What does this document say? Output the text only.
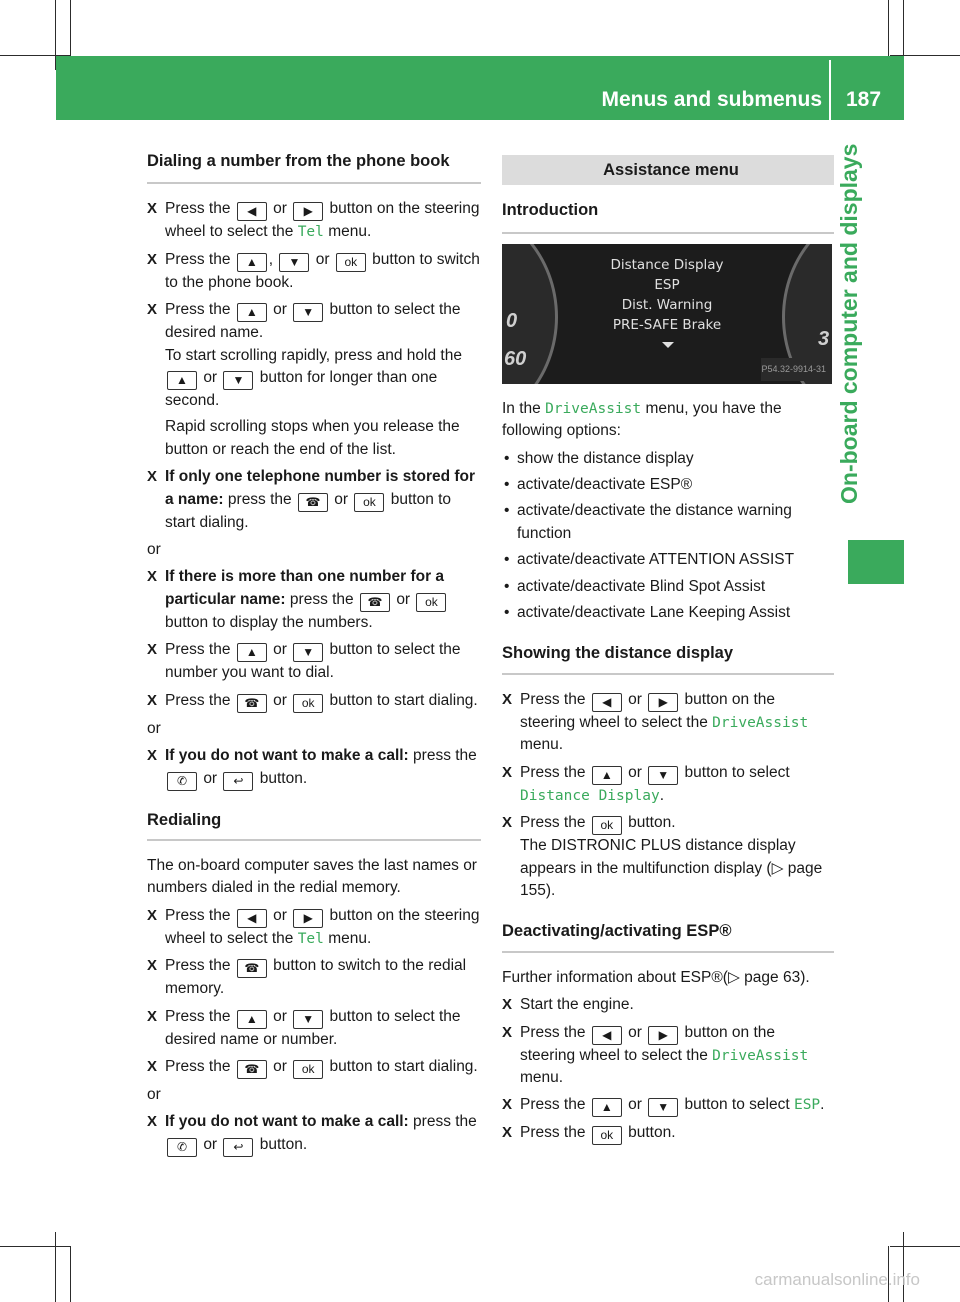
Menus and submenus 187
On-board computer and displays
Dialing a number from the phone book
X Press the ◀ or ▶ button on the steering wheel to select the Tel menu.
X Press the ▲ , ▼ or ok button to switch to the phone book.
X Press the ▲ or ▼ button to select the desired name.
To start scrolling rapidly, press and hold the ▲ or ▼ button for longer than one second.
Rapid scrolling stops when you release the button or reach the end of the list.
X If only one telephone number is stored for a name: press the ☎ or ok button to start dialing.
or
X If there is more than one number for a particular name: press the ☎ or ok button to display the numbers.
X Press the ▲ or ▼ button to select the number you want to dial.
X Press the ☎ or ok button to start dialing.
or
X If you do not want to make a call: press the ✆ or ↩ button.
Redialing
The on-board computer saves the last names or numbers dialed in the redial memory.
X Press the ◀ or ▶ button on the steering wheel to select the Tel menu.
X Press the ☎ button to switch to the redial memory.
X Press the ▲ or ▼ button to select the desired name or number.
X Press the ☎ or ok button to start dialing.
or
X If you do not want to make a call: press the ✆ or ↩ button.
Assistance menu
Introduction
0
60
3
Distance Display
ESP
Dist. Warning
PRE-SAFE Brake
P54.32-9914-31
In the DriveAssist menu, you have the following options:
• show the distance display
• activate/deactivate ESP®
• activate/deactivate the distance warning function
• activate/deactivate ATTENTION ASSIST
• activate/deactivate Blind Spot Assist
• activate/deactivate Lane Keeping Assist
Showing the distance display
X Press the ◀ or ▶ button on the steering wheel to select the DriveAssist menu.
X Press the ▲ or ▼ button to select Distance Display.
X Press the ok button.
The DISTRONIC PLUS distance display appears in the multifunction display (▷ page 155).
Deactivating/activating ESP®
Further information about ESP®(▷ page 63).
X Start the engine.
X Press the ◀ or ▶ button on the steering wheel to select the DriveAssist menu.
X Press the ▲ or ▼ button to select ESP.
X Press the ok button.
carmanualsonline.info
